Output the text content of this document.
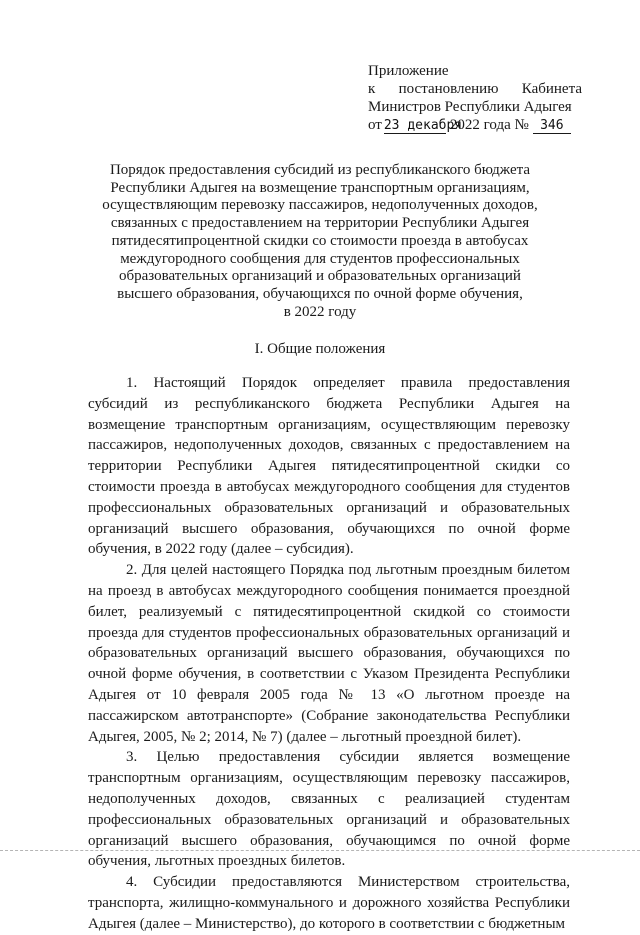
Приложение
к постановлению Кабинета
Министров Республики Адыгея
от 23 декабря
2022 года № 346
Порядок предоставления субсидий из республиканского бюджета
Республики Адыгея на возмещение транспортным организациям,
осуществляющим перевозку пассажиров, недополученных доходов,
связанных с предоставлением на территории Республики Адыгея
пятидесятипроцентной скидки со стоимости проезда в автобусах
междугородного сообщения для студентов профессиональных
образовательных организаций и образовательных организаций
высшего образования, обучающихся по очной форме обучения,
в 2022 году
I. Общие положения

1. Настоящий Порядок определяет правила предоставления субсидий из республиканского бюджета Республики Адыгея на возмещение транспортным организациям, осуществляющим перевозку пассажиров, недополученных доходов, связанных с предоставлением на территории Республики Адыгея пятидесятипроцентной скидки со стоимости проезда в автобусах междугородного сообщения для студентов профессиональных образовательных организаций и образовательных организаций высшего образования, обучающихся по очной форме обучения, в 2022 году (далее – субсидия).

2. Для целей настоящего Порядка под льготным проездным билетом на проезд в автобусах междугородного сообщения понимается проездной билет, реализуемый с пятидесятипроцентной скидкой со стоимости проезда для студентов профессиональных образовательных организаций и образовательных организаций высшего образования, обучающихся по очной форме обучения, в соответствии с Указом Президента Республики Адыгея от 10 февраля 2005 года № 13 «О льготном проезде на пассажирском автотранспорте» (Собрание законодательства Республики Адыгея, 2005, № 2; 2014, № 7) (далее – льготный проездной билет).

3. Целью предоставления субсидии является возмещение транспортным организациям, осуществляющим перевозку пассажиров, недополученных доходов, связанных с реализацией студентам профессиональных образовательных организаций и образовательных организаций высшего образования, обучающимся по очной форме обучения, льготных проездных билетов.

4. Субсидии предоставляются Министерством строительства, транспорта, жилищно-коммунального и дорожного хозяйства Республики Адыгея (далее – Министерство), до которого в соответствии с бюджетным
